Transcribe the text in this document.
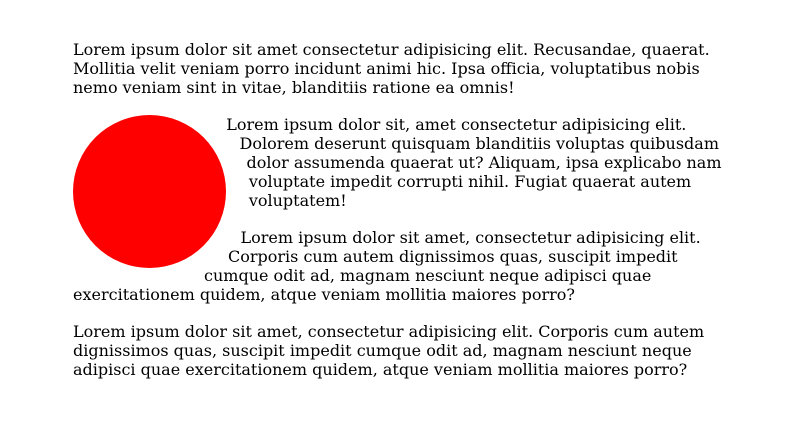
Lorem ipsum dolor sit amet consectetur adipisicing elit. Recusandae, quaerat. Mollitia velit veniam porro incidunt animi hic. Ipsa officia, voluptatibus nobis nemo veniam sint in vitae, blanditiis ratione ea omnis!

Lorem ipsum dolor sit, amet consectetur adipisicing elit. Dolorem deserunt quisquam blanditiis voluptas quibusdam dolor assumenda quaerat ut? Aliquam, ipsa explicabo nam voluptate impedit corrupti nihil. Fugiat quaerat autem voluptatem!

Lorem ipsum dolor sit amet, consectetur adipisicing elit. Corporis cum autem dignissimos quas, suscipit impedit cumque odit ad, magnam nesciunt neque adipisci quae exercitationem quidem, atque veniam mollitia maiores porro?

Lorem ipsum dolor sit amet, consectetur adipisicing elit. Corporis cum autem dignissimos quas, suscipit impedit cumque odit ad, magnam nesciunt neque adipisci quae exercitationem quidem, atque veniam mollitia maiores porro?
